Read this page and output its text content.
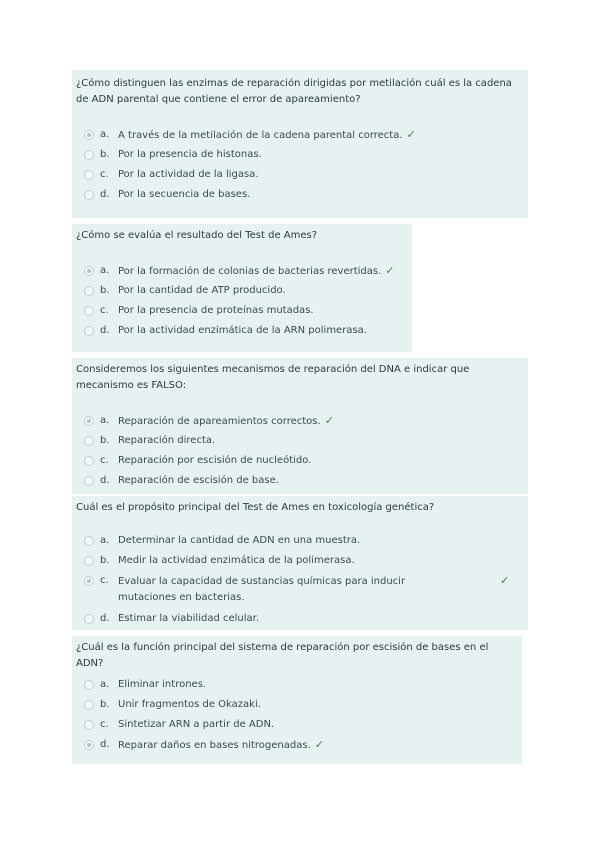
¿Cómo distinguen las enzimas de reparación dirigidas por metilación cuál es la cadena de ADN parental que contiene el error de apareamiento?

a. A través de la metilación de la cadena parental correcta. ✓
b. Por la presencia de histonas.
c. Por la actividad de la ligasa.
d. Por la secuencia de bases.

¿Cómo se evalúa el resultado del Test de Ames?

a. Por la formación de colonias de bacterias revertidas. ✓
b. Por la cantidad de ATP producido.
c. Por la presencia de proteínas mutadas.
d. Por la actividad enzimática de la ARN polimerasa.

Consideremos los siguientes mecanismos de reparación del DNA e indicar que mecanismo es FALSO:

a. Reparación de apareamientos correctos. ✓
b. Reparación directa.
c. Reparación por escisión de nucleótido.
d. Reparación de escisión de base.

Cuál es el propósito principal del Test de Ames en toxicología genética?

a. Determinar la cantidad de ADN en una muestra.
b. Medir la actividad enzimática de la polimerasa.
c. Evaluar la capacidad de sustancias químicas para inducir mutaciones en bacterias.
✓
d. Estimar la viabilidad celular.

¿Cuál es la función principal del sistema de reparación por escisión de bases en el ADN?

a. Eliminar intrones.
b. Unir fragmentos de Okazaki.
c. Sintetizar ARN a partir de ADN.
d. Reparar daños en bases nitrogenadas. ✓
